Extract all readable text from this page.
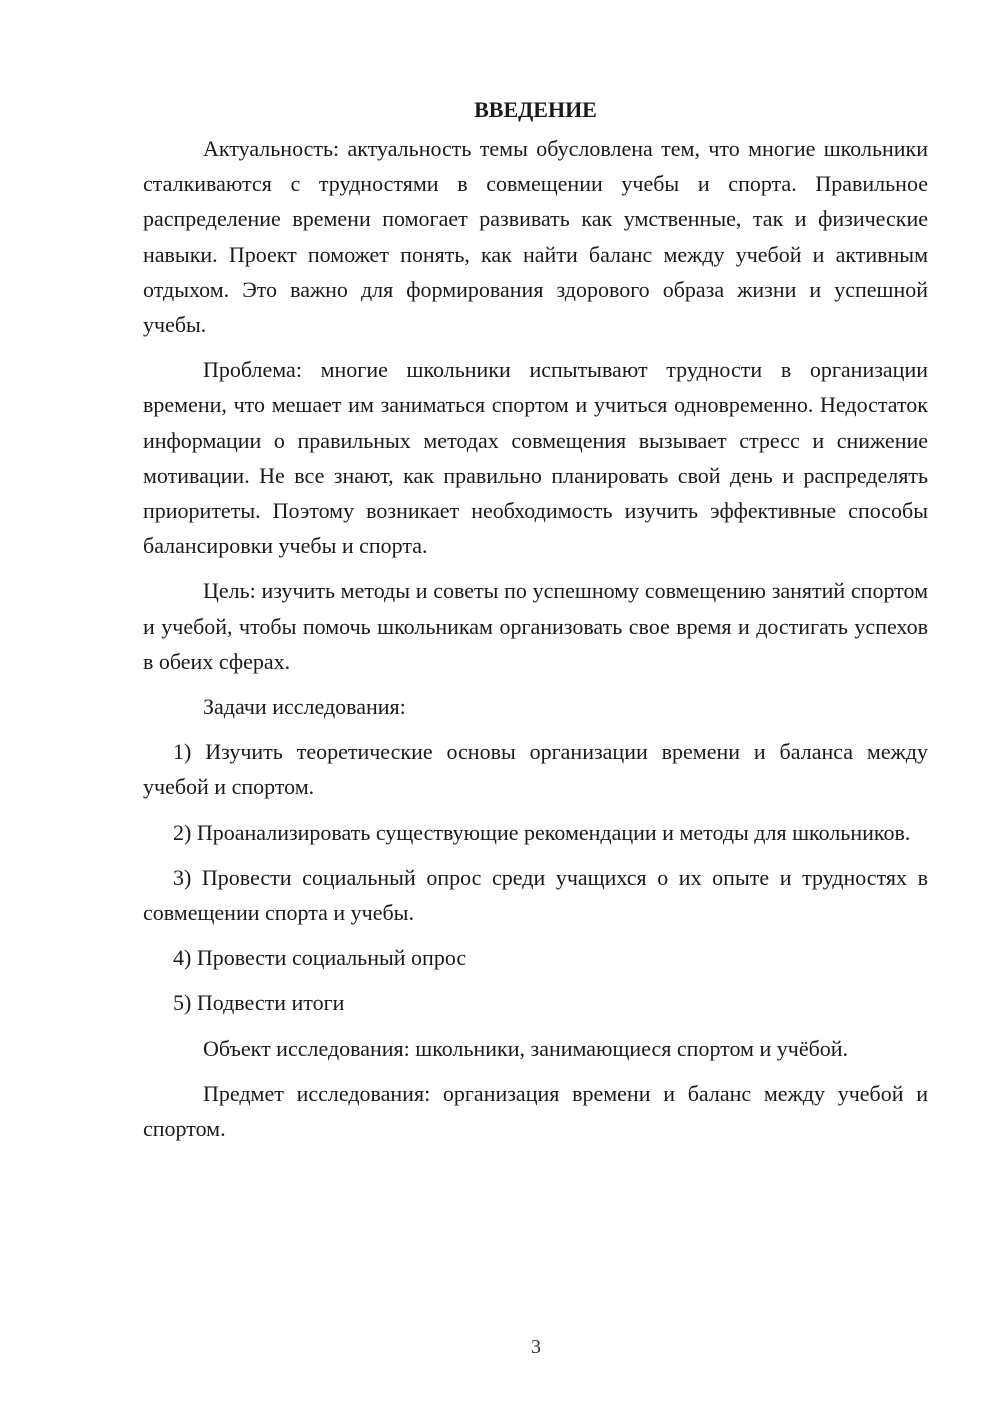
ВВЕДЕНИЕ

Актуальность: актуальность темы обусловлена тем, что многие школьники сталкиваются с трудностями в совмещении учебы и спорта. Правильное распределение времени помогает развивать как умственные, так и физические навыки. Проект поможет понять, как найти баланс между учебой и активным отдыхом. Это важно для формирования здорового образа жизни и успешной учебы.

Проблема: многие школьники испытывают трудности в организации времени, что мешает им заниматься спортом и учиться одновременно. Недостаток информации о правильных методах совмещения вызывает стресс и снижение мотивации. Не все знают, как правильно планировать свой день и распределять приоритеты. Поэтому возникает необходимость изучить эффективные способы балансировки учебы и спорта.

Цель: изучить методы и советы по успешному совмещению занятий спортом и учебой, чтобы помочь школьникам организовать свое время и достигать успехов в обеих сферах.

Задачи исследования:

1) Изучить теоретические основы организации времени и баланса между учебой и спортом.

2) Проанализировать существующие рекомендации и методы для школьников.

3) Провести социальный опрос среди учащихся о их опыте и трудностях в совмещении спорта и учебы.

4) Провести социальный опрос

5) Подвести итоги

Объект исследования: школьники, занимающиеся спортом и учёбой.

Предмет исследования: организация времени и баланс между учебой и спортом.

3
